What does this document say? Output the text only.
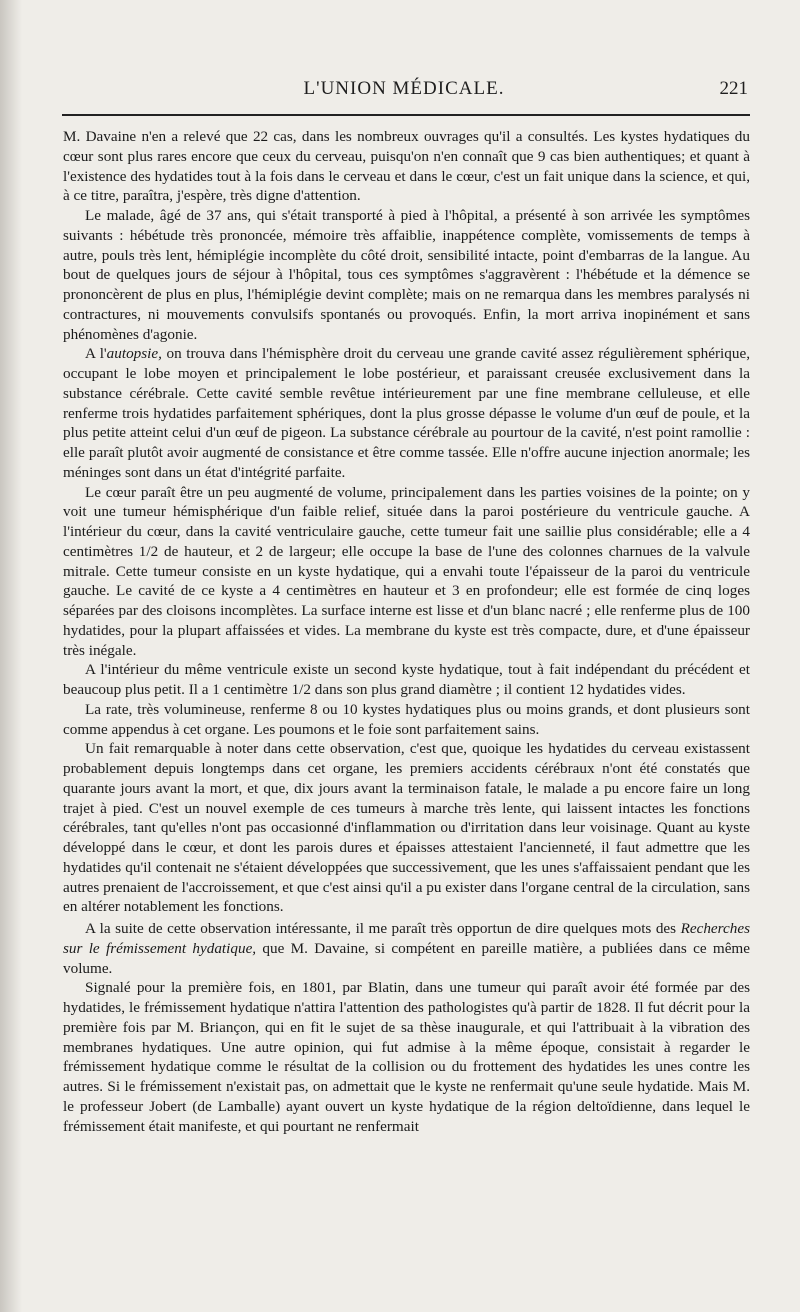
L'UNION MÉDICALE.	221

M. Davaine n'en a relevé que 22 cas, dans les nombreux ouvrages qu'il a consultés. Les kystes hydatiques du cœur sont plus rares encore que ceux du cerveau, puisqu'on n'en connaît que 9 cas bien authentiques; et quant à l'existence des hydatides tout à la fois dans le cerveau et dans le cœur, c'est un fait unique dans la science, et qui, à ce titre, paraîtra, j'espère, très digne d'attention.

Le malade, âgé de 37 ans, qui s'était transporté à pied à l'hôpital, a présenté à son arrivée les symptômes suivants : hébétude très prononcée, mémoire très affaiblie, inappétence complète, vomissements de temps à autre, pouls très lent, hémiplégie incomplète du côté droit, sensibilité intacte, point d'embarras de la langue. Au bout de quelques jours de séjour à l'hôpital, tous ces symptômes s'aggravèrent : l'hébétude et la démence se prononcèrent de plus en plus, l'hémiplégie devint complète; mais on ne remarqua dans les membres paralysés ni contractures, ni mouvements convulsifs spontanés ou provoqués. Enfin, la mort arriva inopinément et sans phénomènes d'agonie.

A l'autopsie, on trouva dans l'hémisphère droit du cerveau une grande cavité assez régulièrement sphérique, occupant le lobe moyen et principalement le lobe postérieur, et paraissant creusée exclusivement dans la substance cérébrale. Cette cavité semble revêtue intérieurement par une fine membrane celluleuse, et elle renferme trois hydatides parfaitement sphériques, dont la plus grosse dépasse le volume d'un œuf de poule, et la plus petite atteint celui d'un œuf de pigeon. La substance cérébrale au pourtour de la cavité, n'est point ramollie : elle paraît plutôt avoir augmenté de consistance et être comme tassée. Elle n'offre aucune injection anormale; les méninges sont dans un état d'intégrité parfaite.

Le cœur paraît être un peu augmenté de volume, principalement dans les parties voisines de la pointe; on y voit une tumeur hémisphérique d'un faible relief, située dans la paroi postérieure du ventricule gauche. A l'intérieur du cœur, dans la cavité ventriculaire gauche, cette tumeur fait une saillie plus considérable; elle a 4 centimètres 1/2 de hauteur, et 2 de largeur; elle occupe la base de l'une des colonnes charnues de la valvule mitrale. Cette tumeur consiste en un kyste hydatique, qui a envahi toute l'épaisseur de la paroi du ventricule gauche. Le cavité de ce kyste a 4 centimètres en hauteur et 3 en profondeur; elle est formée de cinq loges séparées par des cloisons incomplètes. La surface interne est lisse et d'un blanc nacré ; elle renferme plus de 100 hydatides, pour la plupart affaissées et vides. La membrane du kyste est très compacte, dure, et d'une épaisseur très inégale.

A l'intérieur du même ventricule existe un second kyste hydatique, tout à fait indépendant du précédent et beaucoup plus petit. Il a 1 centimètre 1/2 dans son plus grand diamètre ; il contient 12 hydatides vides.

La rate, très volumineuse, renferme 8 ou 10 kystes hydatiques plus ou moins grands, et dont plusieurs sont comme appendus à cet organe. Les poumons et le foie sont parfaitement sains.

Un fait remarquable à noter dans cette observation, c'est que, quoique les hydatides du cerveau existassent probablement depuis longtemps dans cet organe, les premiers accidents cérébraux n'ont été constatés que quarante jours avant la mort, et que, dix jours avant la terminaison fatale, le malade a pu encore faire un long trajet à pied. C'est un nouvel exemple de ces tumeurs à marche très lente, qui laissent intactes les fonctions cérébrales, tant qu'elles n'ont pas occasionné d'inflammation ou d'irritation dans leur voisinage. Quant au kyste développé dans le cœur, et dont les parois dures et épaisses attestaient l'ancienneté, il faut admettre que les hydatides qu'il contenait ne s'étaient développées que successivement, que les unes s'affaissaient pendant que les autres prenaient de l'accroissement, et que c'est ainsi qu'il a pu exister dans l'organe central de la circulation, sans en altérer notablement les fonctions.

A la suite de cette observation intéressante, il me paraît très opportun de dire quelques mots des Recherches sur le frémissement hydatique, que M. Davaine, si compétent en pareille matière, a publiées dans ce même volume.

Signalé pour la première fois, en 1801, par Blatin, dans une tumeur qui paraît avoir été formée par des hydatides, le frémissement hydatique n'attira l'attention des pathologistes qu'à partir de 1828. Il fut décrit pour la première fois par M. Briançon, qui en fit le sujet de sa thèse inaugurale, et qui l'attribuait à la vibration des membranes hydatiques. Une autre opinion, qui fut admise à la même époque, consistait à regarder le frémissement hydatique comme le résultat de la collision ou du frottement des hydatides les unes contre les autres. Si le frémissement n'existait pas, on admettait que le kyste ne renfermait qu'une seule hydatide. Mais M. le professeur Jobert (de Lamballe) ayant ouvert un kyste hydatique de la région deltoïdienne, dans lequel le frémissement était manifeste, et qui pourtant ne renfermait
